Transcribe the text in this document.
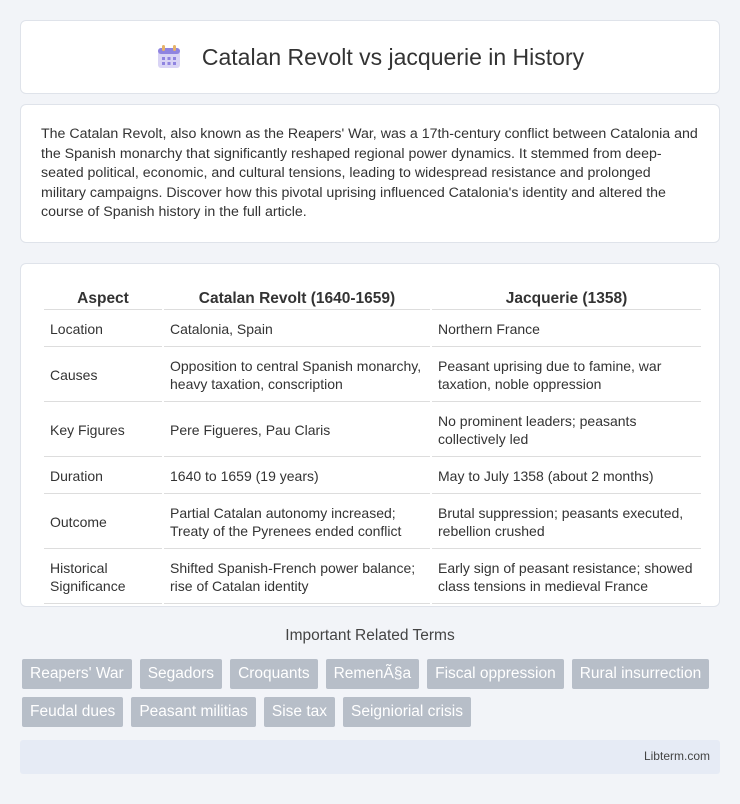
Catalan Revolt vs jacquerie in History

The Catalan Revolt, also known as the Reapers' War, was a 17th-century conflict between Catalonia and the Spanish monarchy that significantly reshaped regional power dynamics. It stemmed from deep-seated political, economic, and cultural tensions, leading to widespread resistance and prolonged military campaigns. Discover how this pivotal uprising influenced Catalonia's identity and altered the course of Spanish history in the full article.

Aspect	Catalan Revolt (1640-1659)	Jacquerie (1358)
Location	Catalonia, Spain	Northern France
Causes	Opposition to central Spanish monarchy, heavy taxation, conscription	Peasant uprising due to famine, war taxation, noble oppression
Key Figures	Pere Figueres, Pau Claris	No prominent leaders; peasants collectively led
Duration	1640 to 1659 (19 years)	May to July 1358 (about 2 months)
Outcome	Partial Catalan autonomy increased; Treaty of the Pyrenees ended conflict	Brutal suppression; peasants executed, rebellion crushed
Historical Significance	Shifted Spanish-French power balance; rise of Catalan identity	Early sign of peasant resistance; showed class tensions in medieval France
Important Related Terms
Reapers' War	Segadors	Croquants	RemenÃ§a	Fiscal oppression	Rural insurrection
Feudal dues	Peasant militias	Sise tax	Seigniorial crisis
Libterm.com
